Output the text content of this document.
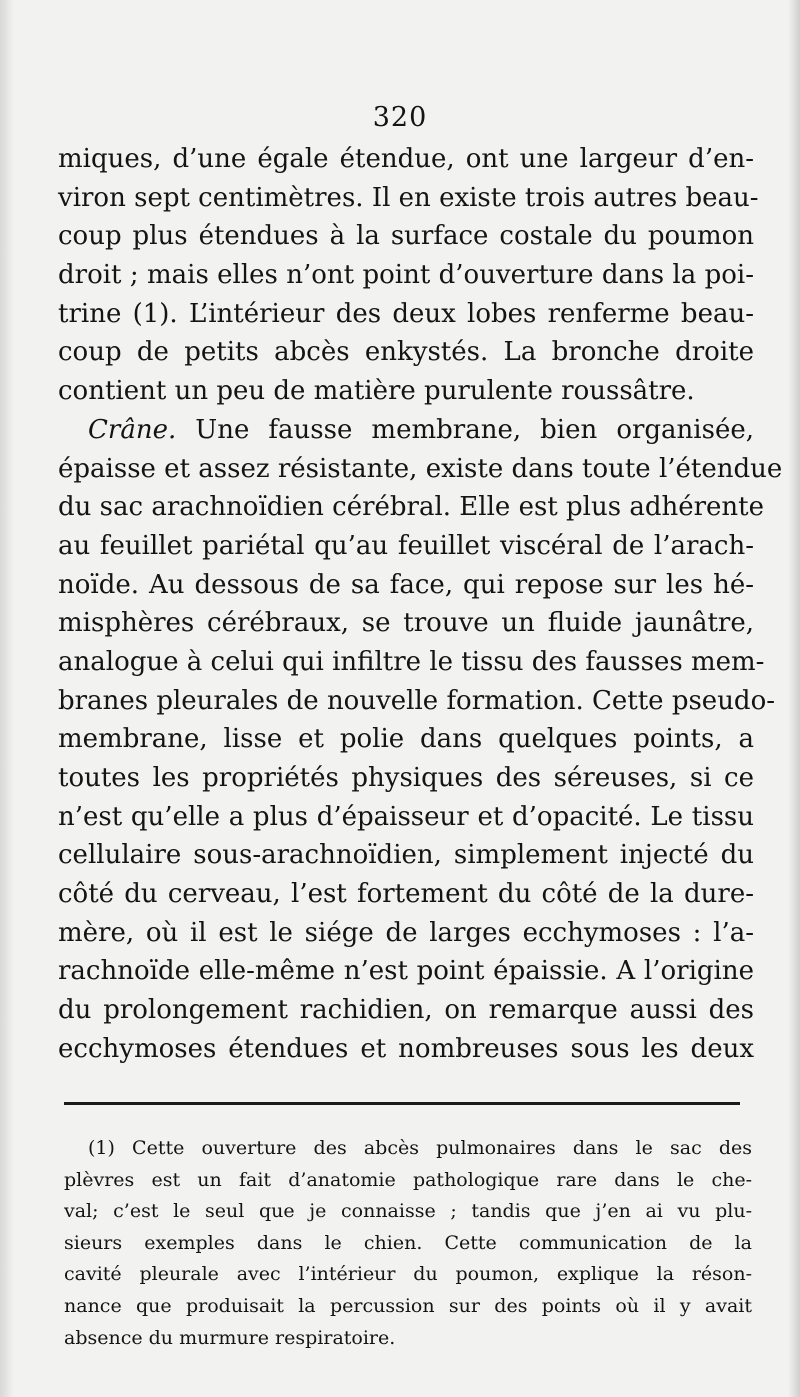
320
miques, d’une égale étendue, ont une largeur d’en-
viron sept centimètres. Il en existe trois autres beau-
coup plus étendues à la surface costale du poumon
droit ; mais elles n’ont point d’ouverture dans la poi-
trine (1). L’intérieur des deux lobes renferme beau-
coup de petits abcès enkystés. La bronche droite
contient un peu de matière purulente roussâtre.
Crâne. Une fausse membrane, bien organisée,
épaisse et assez résistante, existe dans toute l’étendue
du sac arachnoïdien cérébral. Elle est plus adhérente
au feuillet pariétal qu’au feuillet viscéral de l’arach-
noïde. Au dessous de sa face, qui repose sur les hé-
misphères cérébraux, se trouve un fluide jaunâtre,
analogue à celui qui infiltre le tissu des fausses mem-
branes pleurales de nouvelle formation. Cette pseudo-
membrane, lisse et polie dans quelques points, a
toutes les propriétés physiques des séreuses, si ce
n’est qu’elle a plus d’épaisseur et d’opacité. Le tissu
cellulaire sous-arachnoïdien, simplement injecté du
côté du cerveau, l’est fortement du côté de la dure-
mère, où il est le siége de larges ecchymoses : l’a-
rachnoïde elle-même n’est point épaissie. A l’origine
du prolongement rachidien, on remarque aussi des
ecchymoses étendues et nombreuses sous les deux
(1) Cette ouverture des abcès pulmonaires dans le sac des
plèvres est un fait d’anatomie pathologique rare dans le che-
val; c’est le seul que je connaisse ; tandis que j’en ai vu plu-
sieurs exemples dans le chien. Cette communication de la
cavité pleurale avec l’intérieur du poumon, explique la réson-
nance que produisait la percussion sur des points où il y avait
absence du murmure respiratoire.
